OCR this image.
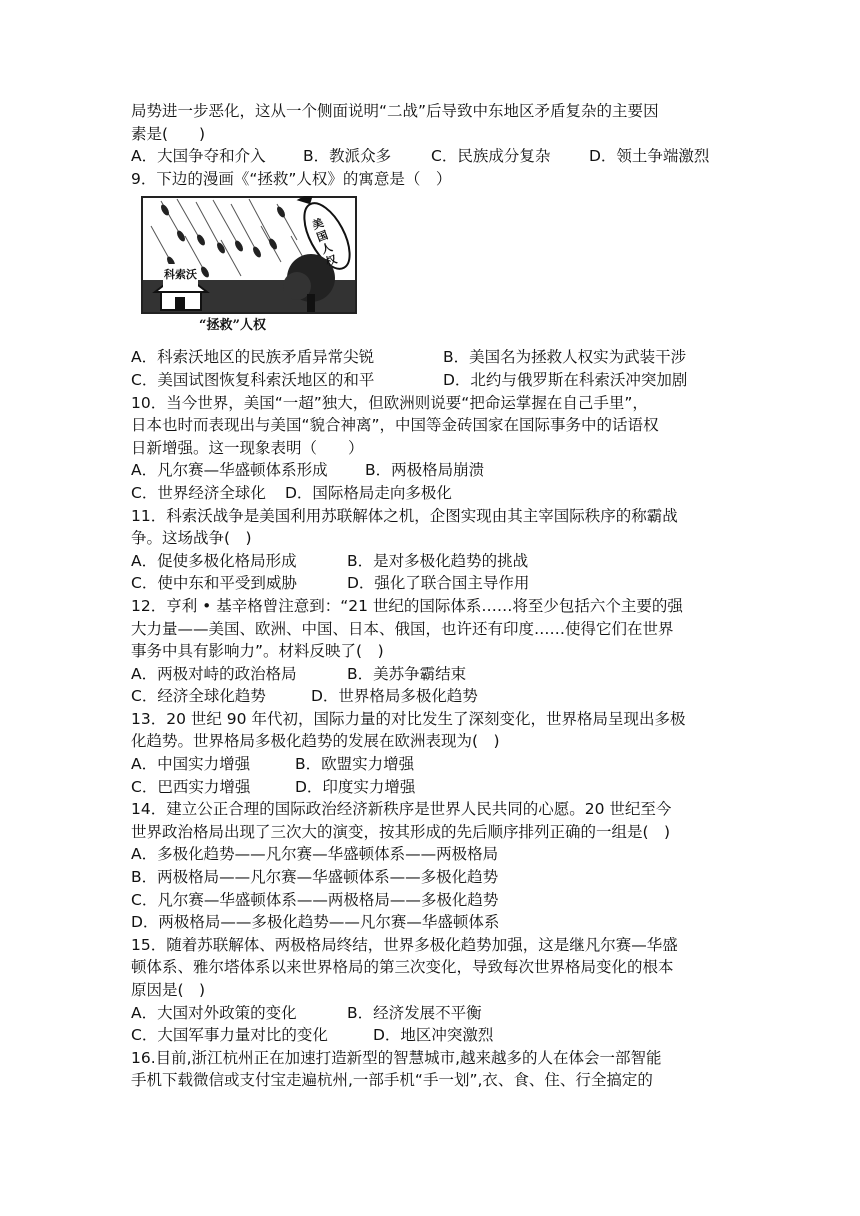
局势进一步恶化，这从一个侧面说明“二战”后导致中东地区矛盾复杂的主要因
素是(　　)
A．大国争夺和介入	B．教派众多	C．民族成分复杂	D．领土争端激烈
9．下边的漫画《“拯救”人权》的寓意是（　）
科索沃
美国人权
“拯救”人权
A．科索沃地区的民族矛盾异常尖锐	B．美国名为拯救人权实为武装干涉
C．美国试图恢复科索沃地区的和平	D．北约与俄罗斯在科索沃冲突加剧
10．当今世界，美国“一超”独大，但欧洲则说要“把命运掌握在自己手里”，
日本也时而表现出与美国“貌合神离”，中国等金砖国家在国际事务中的话语权
日新增强。这一现象表明（　　）
A．凡尔赛—华盛顿体系形成	B．两极格局崩溃
C．世界经济全球化	D．国际格局走向多极化
11．科索沃战争是美国利用苏联解体之机，企图实现由其主宰国际秩序的称霸战
争。这场战争(　)
A．促使多极化格局形成	B．是对多极化趋势的挑战
C．使中东和平受到威胁	D．强化了联合国主导作用
12．亨利 • 基辛格曾注意到：“21 世纪的国际体系……将至少包括六个主要的强
大力量——美国、欧洲、中国、日本、俄国，也许还有印度……使得它们在世界
事务中具有影响力”。材料反映了(　)
A．两极对峙的政治格局	B．美苏争霸结束
C．经济全球化趋势	D．世界格局多极化趋势
13．20 世纪 90 年代初，国际力量的对比发生了深刻变化，世界格局呈现出多极
化趋势。世界格局多极化趋势的发展在欧洲表现为(　)
A．中国实力增强	B．欧盟实力增强
C．巴西实力增强	D．印度实力增强
14．建立公正合理的国际政治经济新秩序是世界人民共同的心愿。20 世纪至今
世界政治格局出现了三次大的演变，按其形成的先后顺序排列正确的一组是(　)
A．多极化趋势——凡尔赛—华盛顿体系——两极格局
B．两极格局——凡尔赛—华盛顿体系——多极化趋势
C．凡尔赛—华盛顿体系——两极格局——多极化趋势
D．两极格局——多极化趋势——凡尔赛—华盛顿体系
15．随着苏联解体、两极格局终结，世界多极化趋势加强，这是继凡尔赛—华盛
顿体系、雅尔塔体系以来世界格局的第三次变化，导致每次世界格局变化的根本
原因是(　)
A．大国对外政策的变化	B．经济发展不平衡
C．大国军事力量对比的变化	D．地区冲突激烈
16.目前,浙江杭州正在加速打造新型的智慧城市,越来越多的人在体会一部智能
手机下载微信或支付宝走遍杭州,一部手机“手一划”,衣、食、住、行全搞定的
